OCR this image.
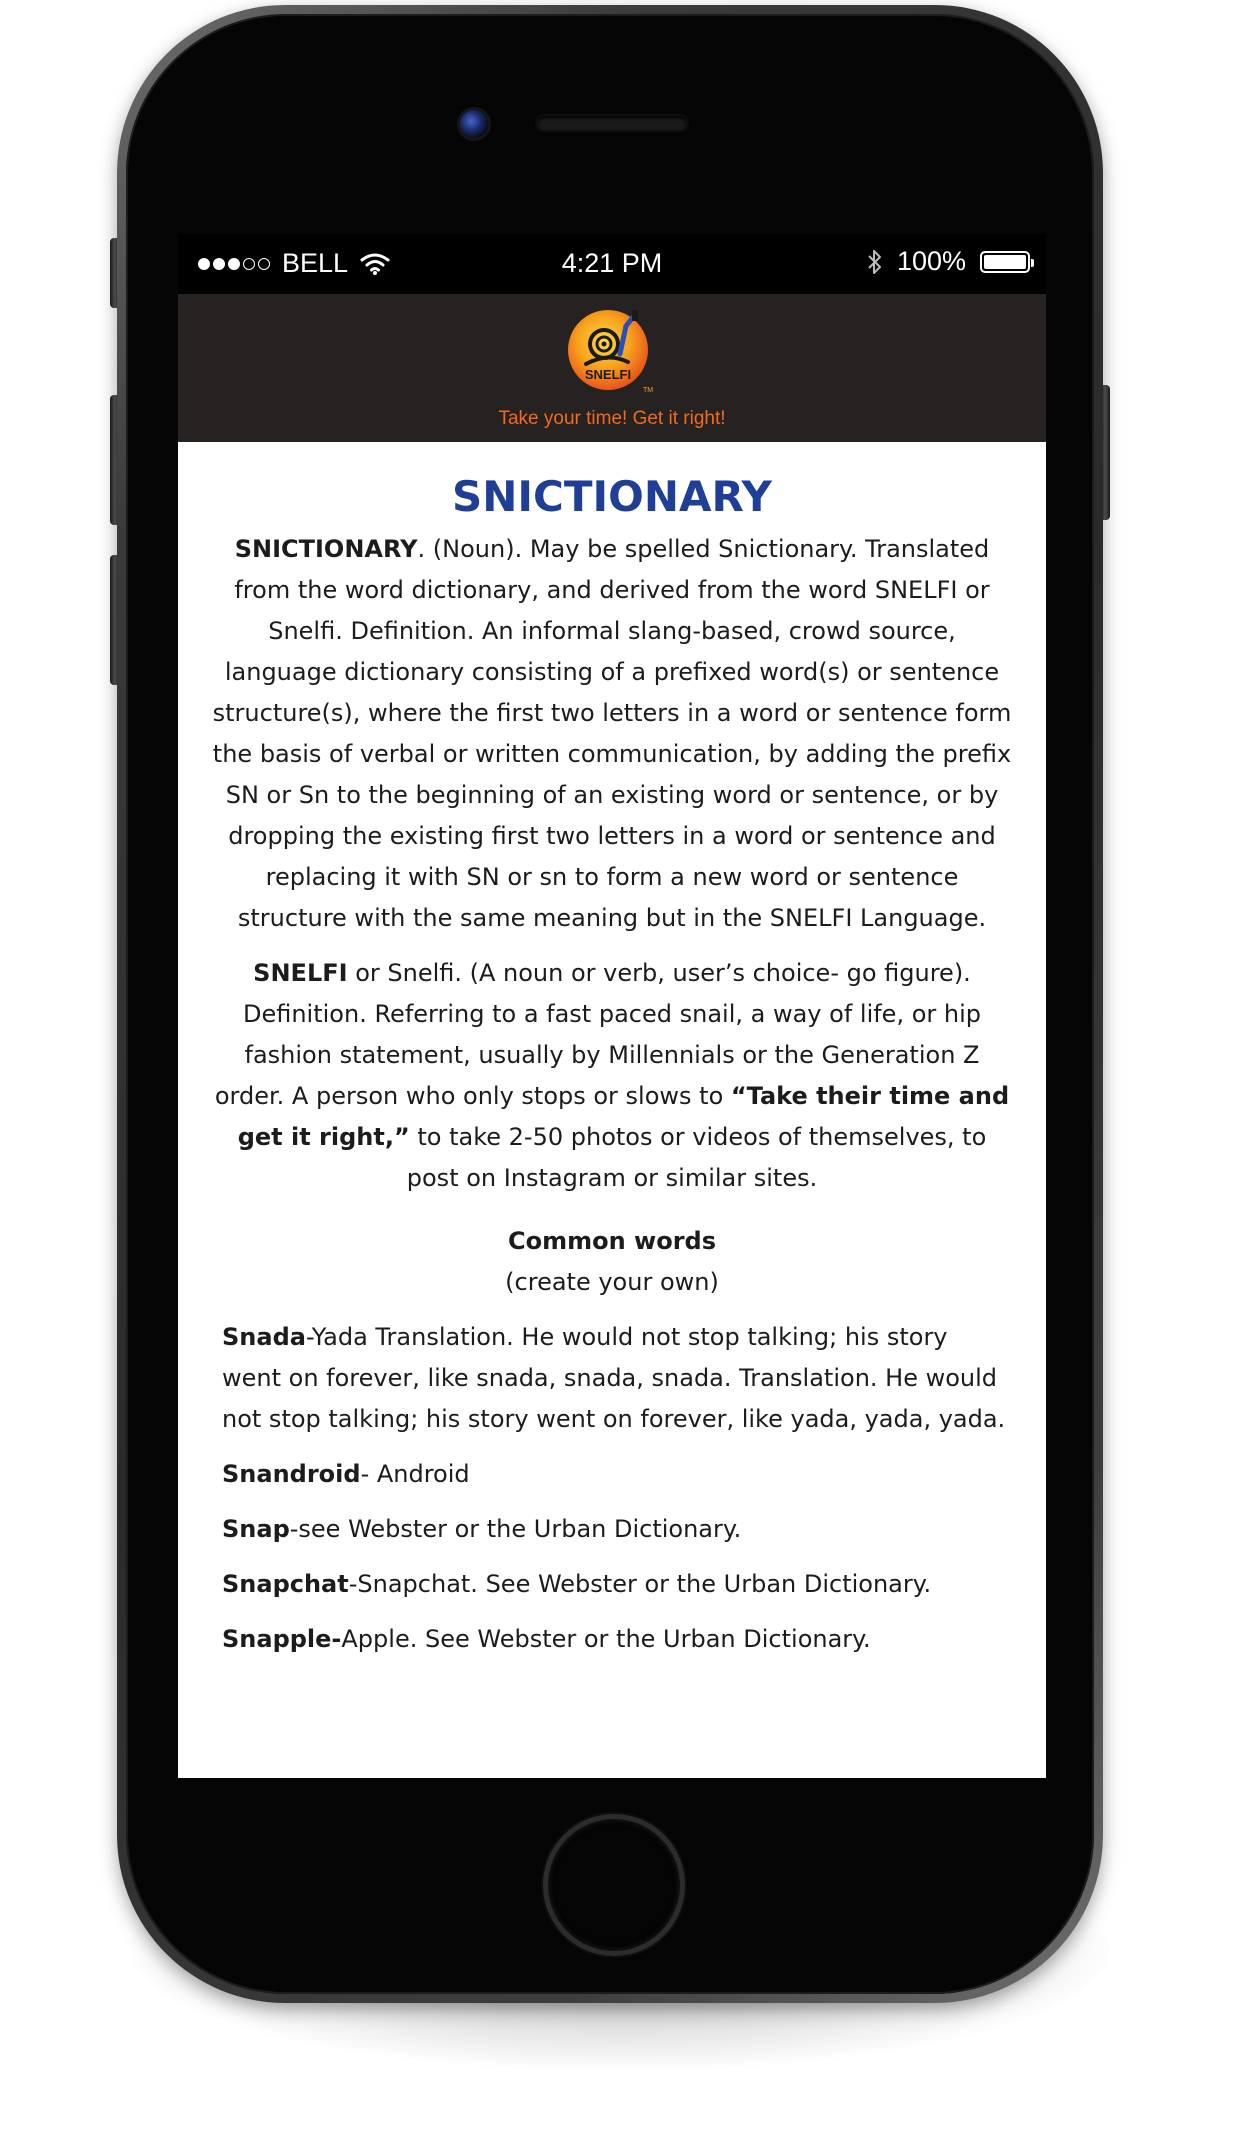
BELL	4:21 PM	100%
SNELFI
TM
Take your time! Get it right!
SNICTIONARY

SNICTIONARY. (Noun). May be spelled Snictionary. Translated from the word dictionary, and derived from the word SNELFI or Snelfi. Definition. An informal slang-based, crowd source, language dictionary consisting of a prefixed word(s) or sentence structure(s), where the first two letters in a word or sentence form the basis of verbal or written communication, by adding the prefix SN or Sn to the beginning of an existing word or sentence, or by dropping the existing first two letters in a word or sentence and replacing it with SN or sn to form a new word or sentence structure with the same meaning but in the SNELFI Language.

SNELFI or Snelfi. (A noun or verb, user’s choice- go figure). Definition. Referring to a fast paced snail, a way of life, or hip fashion statement, usually by Millennials or the Generation Z order. A person who only stops or slows to “Take their time and get it right,” to take 2-50 photos or videos of themselves, to post on Instagram or similar sites.

Common words
(create your own)
Snada-Yada Translation. He would not stop talking; his story went on forever, like snada, snada, snada. Translation. He would not stop talking; his story went on forever, like yada, yada, yada.
Snandroid- Android
Snap-see Webster or the Urban Dictionary.
Snapchat-Snapchat. See Webster or the Urban Dictionary.
Snapple-Apple. See Webster or the Urban Dictionary.
